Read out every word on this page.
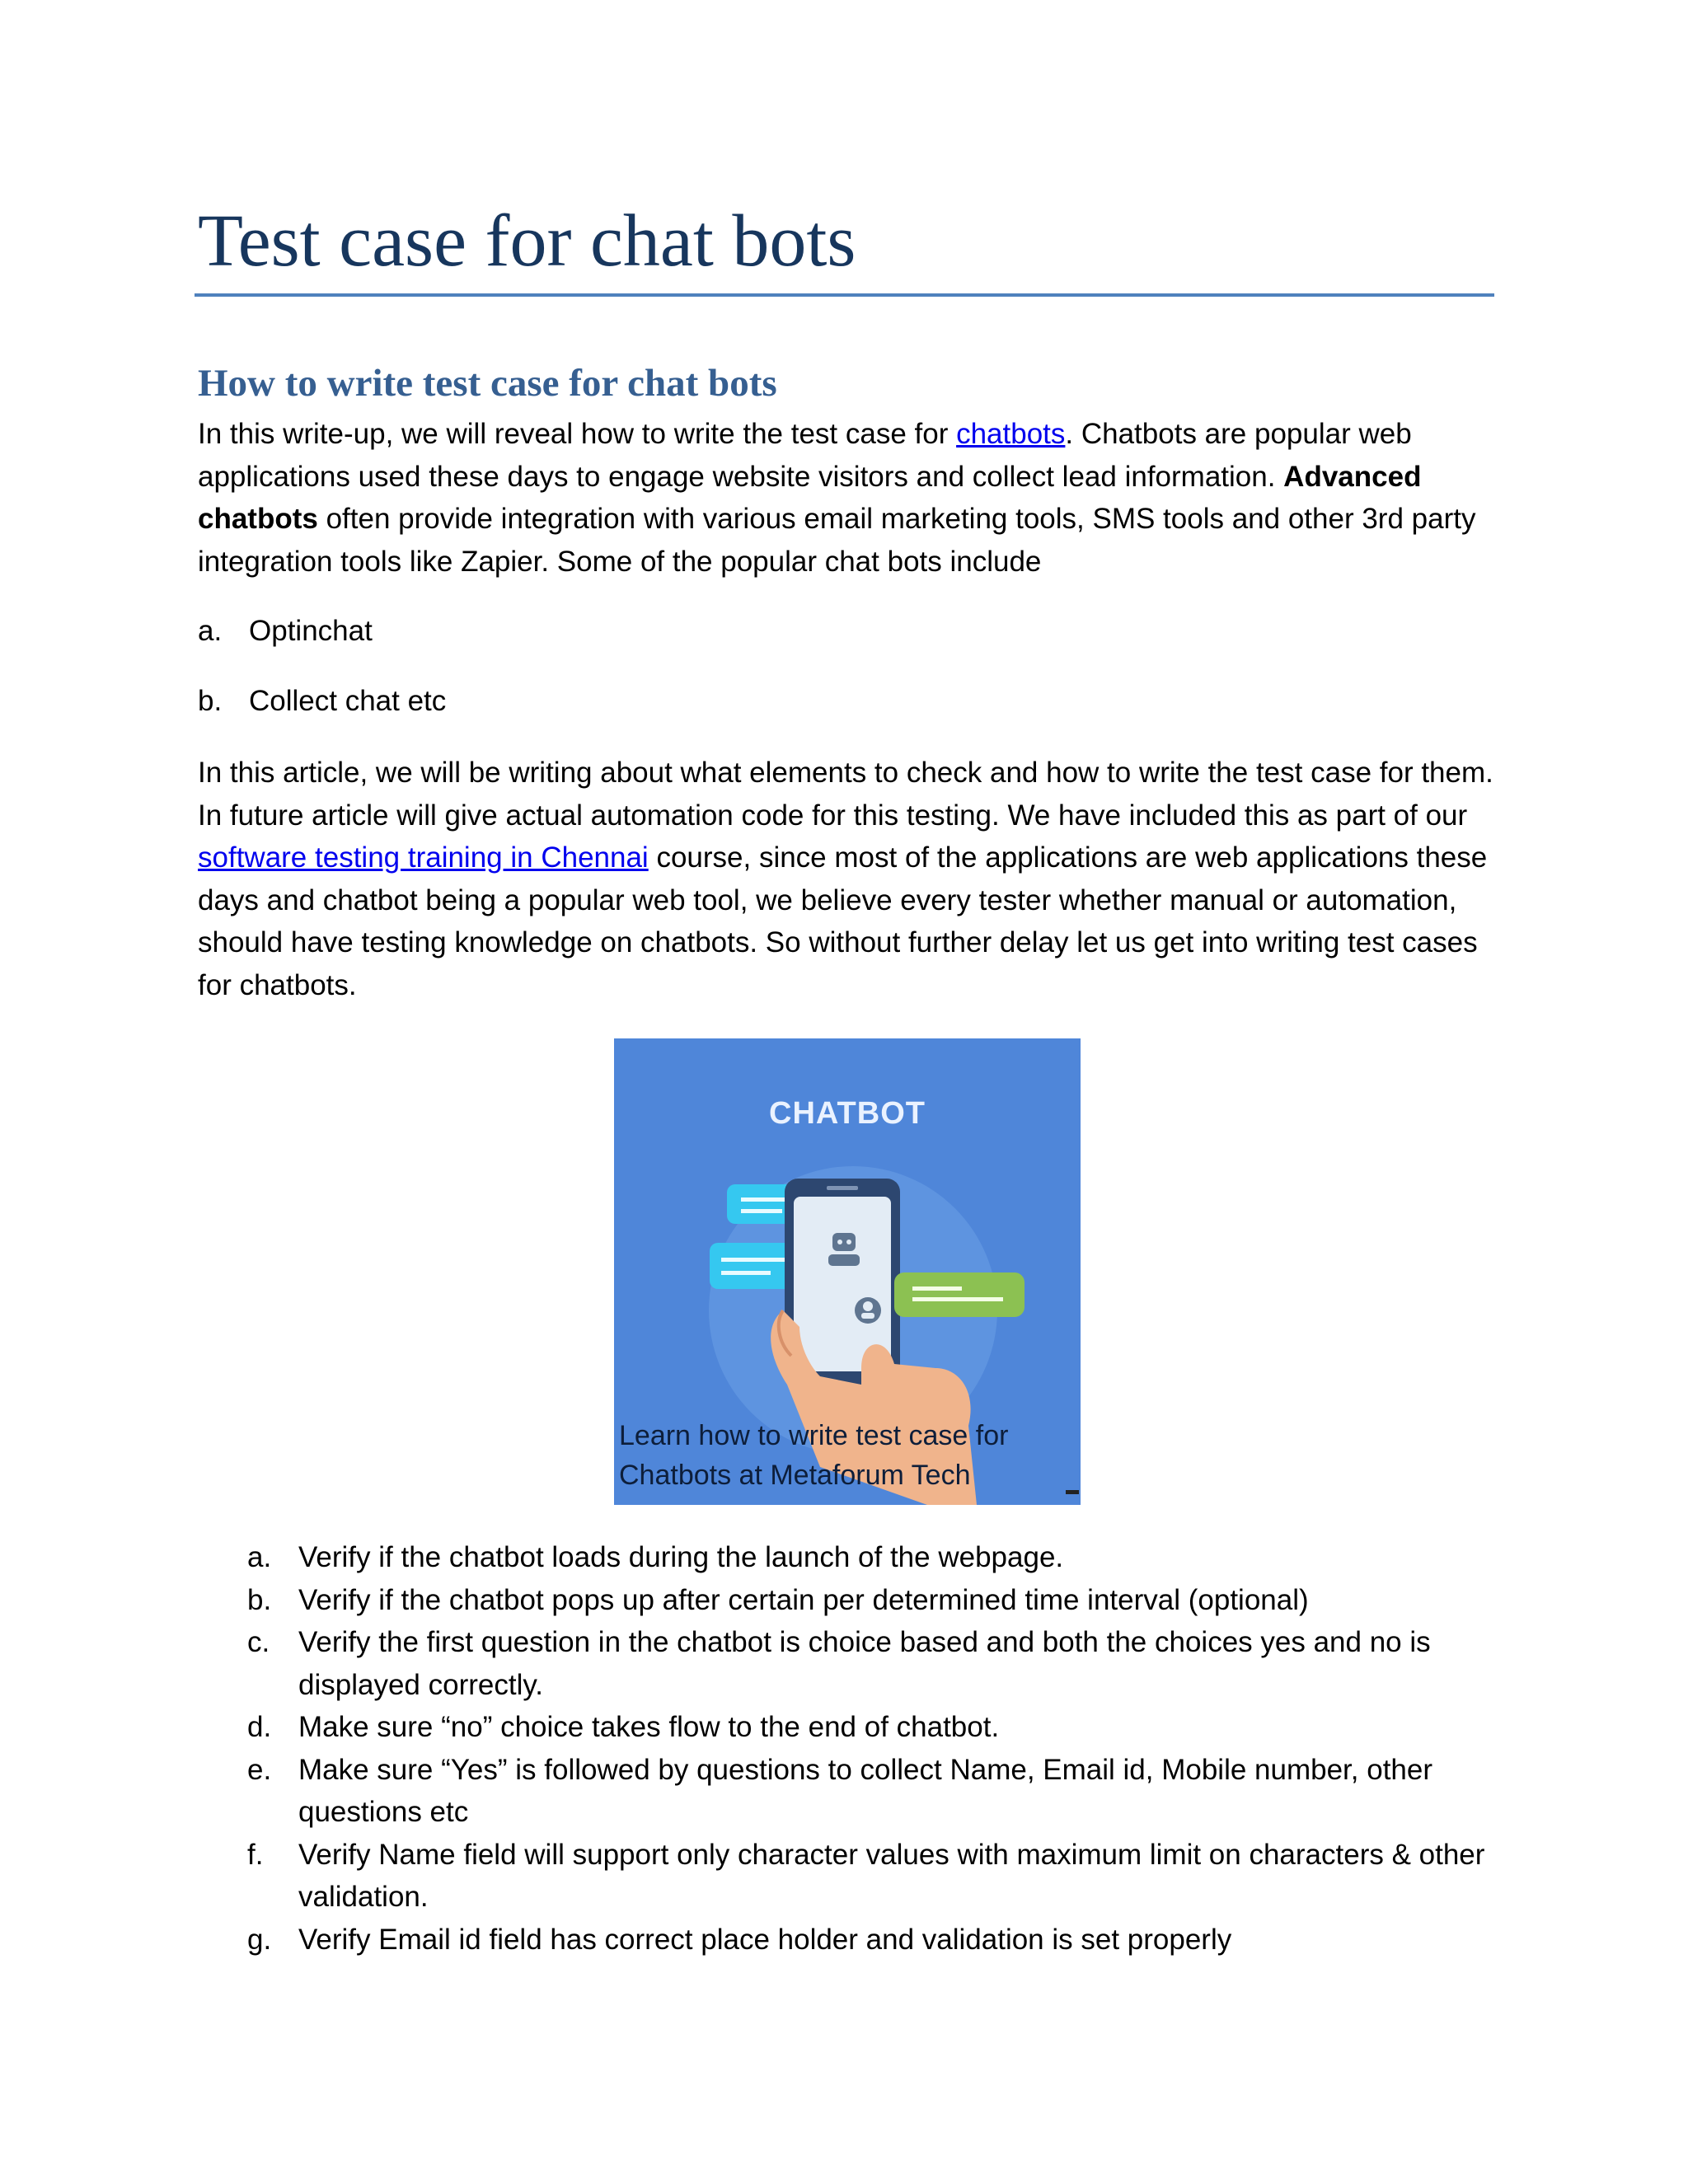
Test case for chat bots
How to write test case for chat bots

In this write-up, we will reveal how to write the test case for chatbots. Chatbots are popular web applications used these days to engage website visitors and collect lead information. Advanced chatbots often provide integration with various email marketing tools, SMS tools and other 3rd party integration tools like Zapier. Some of the popular chat bots include

a. Optinchat
b. Collect chat etc

In this article, we will be writing about what elements to check and how to write the test case for them. In future article will give actual automation code for this testing. We have included this as part of our software testing training in Chennai course, since most of the applications are web applications these days and chatbot being a popular web tool, we believe every tester whether manual or automation, should have testing knowledge on chatbots. So without further delay let us get into writing test cases for chatbots.

CHATBOT
Learn how to write test case for
Chatbots at Metaforum Tech
a. Verify if the chatbot loads during the launch of the webpage.
b. Verify if the chatbot pops up after certain per determined time interval (optional)
c. Verify the first question in the chatbot is choice based and both the choices yes and no is displayed correctly.
d. Make sure “no” choice takes flow to the end of chatbot.
e. Make sure “Yes” is followed by questions to collect Name, Email id, Mobile number, other questions etc
f. Verify Name field will support only character values with maximum limit on characters & other validation.
g. Verify Email id field has correct place holder and validation is set properly
